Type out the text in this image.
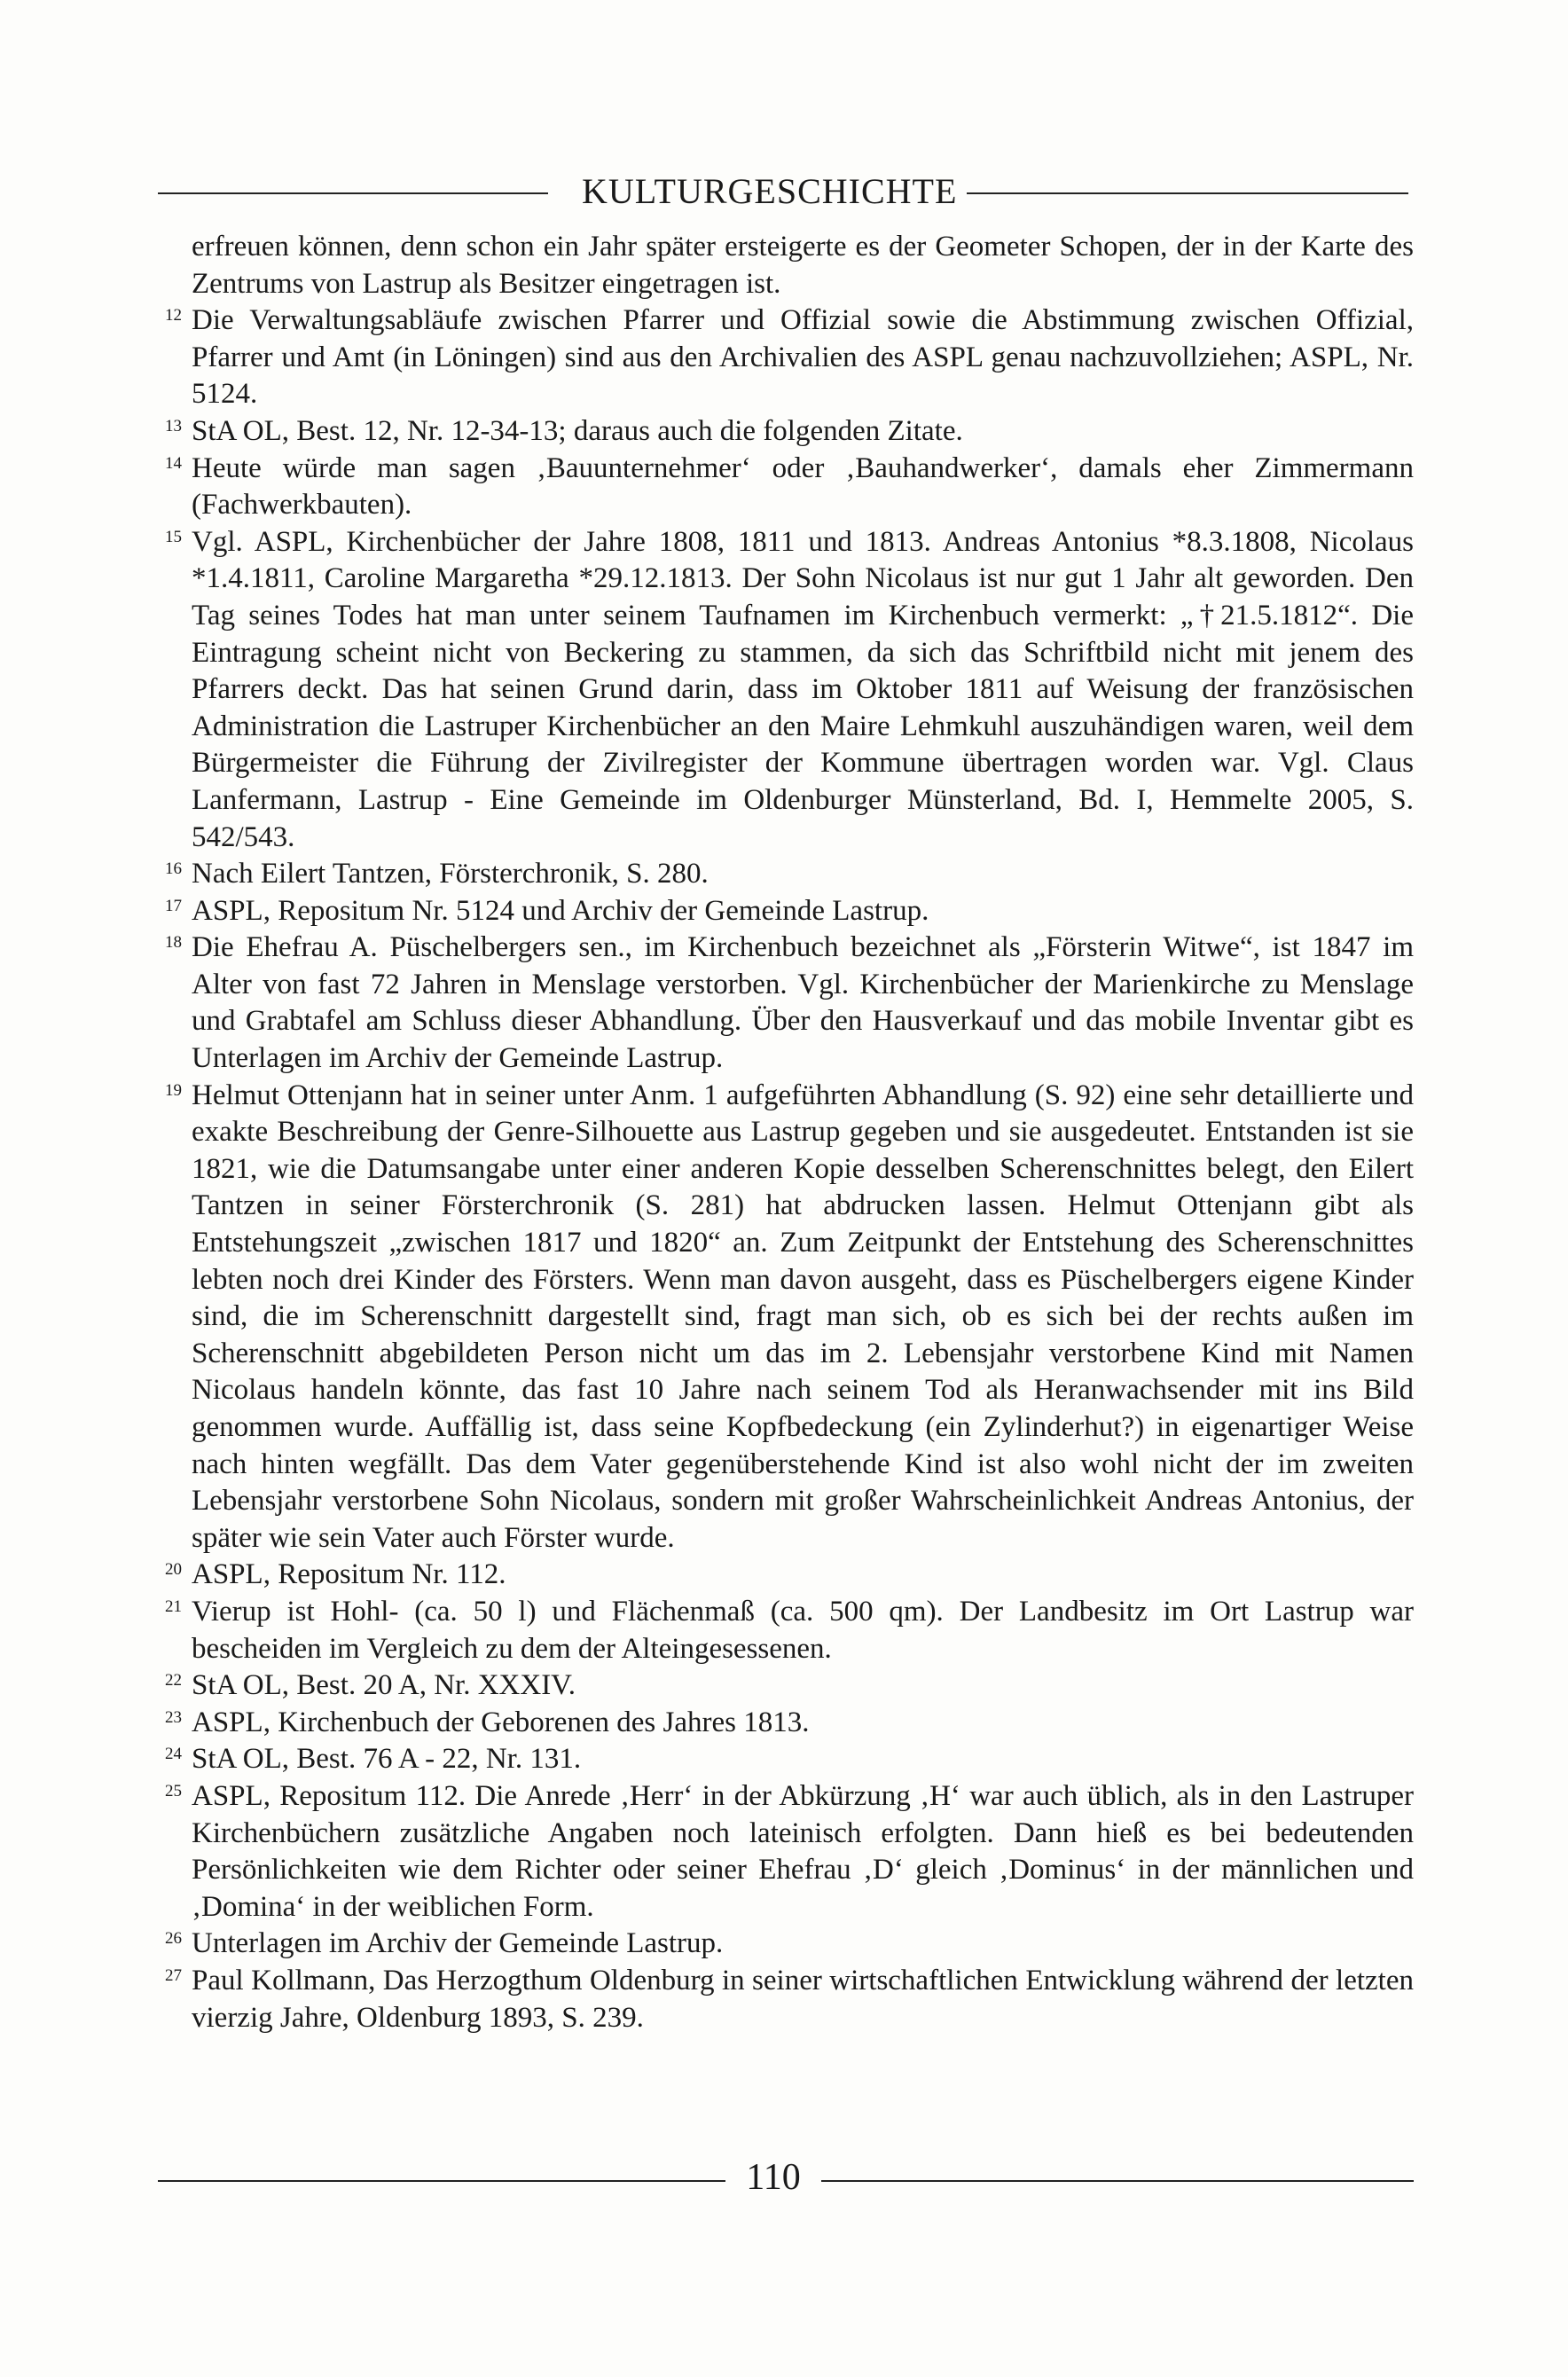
KULTURGESCHICHTE
erfreuen können, denn schon ein Jahr später ersteigerte es der Geometer Schopen, der in der Karte des Zentrums von Lastrup als Besitzer eingetragen ist.
12 Die Verwaltungsabläufe zwischen Pfarrer und Offizial sowie die Abstimmung zwischen Offizial, Pfarrer und Amt (in Löningen) sind aus den Archivalien des ASPL genau nachzuvollziehen; ASPL, Nr. 5124.
13 StA OL, Best. 12, Nr. 12-34-13; daraus auch die folgenden Zitate.
14 Heute würde man sagen ‚Bauunternehmer‘ oder ‚Bauhandwerker‘, damals eher Zimmermann (Fachwerkbauten).
15 Vgl. ASPL, Kirchenbücher der Jahre 1808, 1811 und 1813. Andreas Antonius *8.3.1808, Nicolaus *1.4.1811, Caroline Margaretha *29.12.1813. Der Sohn Nicolaus ist nur gut 1 Jahr alt geworden. Den Tag seines Todes hat man unter seinem Taufnamen im Kirchenbuch vermerkt: „†21.5.1812“. Die Eintragung scheint nicht von Beckering zu stammen, da sich das Schriftbild nicht mit jenem des Pfarrers deckt. Das hat seinen Grund darin, dass im Oktober 1811 auf Weisung der französischen Administration die Lastruper Kirchenbücher an den Maire Lehmkuhl auszuhändigen waren, weil dem Bürgermeister die Führung der Zivilregister der Kommune übertragen worden war. Vgl. Claus Lanfermann, Lastrup - Eine Gemeinde im Oldenburger Münsterland, Bd. I, Hemmelte 2005, S. 542/543.
16 Nach Eilert Tantzen, Försterchronik, S. 280.
17 ASPL, Repositum Nr. 5124 und Archiv der Gemeinde Lastrup.
18 Die Ehefrau A. Püschelbergers sen., im Kirchenbuch bezeichnet als „Försterin Witwe“, ist 1847 im Alter von fast 72 Jahren in Menslage verstorben. Vgl. Kirchenbücher der Marienkirche zu Menslage und Grabtafel am Schluss dieser Abhandlung. Über den Hausverkauf und das mobile Inventar gibt es Unterlagen im Archiv der Gemeinde Lastrup.
19 Helmut Ottenjann hat in seiner unter Anm. 1 aufgeführten Abhandlung (S. 92) eine sehr detaillierte und exakte Beschreibung der Genre-Silhouette aus Lastrup gegeben und sie ausgedeutet. Entstanden ist sie 1821, wie die Datumsangabe unter einer anderen Kopie desselben Scherenschnittes belegt, den Eilert Tantzen in seiner Försterchronik (S. 281) hat abdrucken lassen. Helmut Ottenjann gibt als Entstehungszeit „zwischen 1817 und 1820“ an. Zum Zeitpunkt der Entstehung des Scherenschnittes lebten noch drei Kinder des Försters. Wenn man davon ausgeht, dass es Püschelbergers eigene Kinder sind, die im Scherenschnitt dargestellt sind, fragt man sich, ob es sich bei der rechts außen im Scherenschnitt abgebildeten Person nicht um das im 2. Lebensjahr verstorbene Kind mit Namen Nicolaus handeln könnte, das fast 10 Jahre nach seinem Tod als Heranwachsender mit ins Bild genommen wurde. Auffällig ist, dass seine Kopfbedeckung (ein Zylinderhut?) in eigenartiger Weise nach hinten wegfällt. Das dem Vater gegenüberstehende Kind ist also wohl nicht der im zweiten Lebensjahr verstorbene Sohn Nicolaus, sondern mit großer Wahrscheinlichkeit Andreas Antonius, der später wie sein Vater auch Förster wurde.
20 ASPL, Repositum Nr. 112.
21 Vierup ist Hohl- (ca. 50 l) und Flächenmaß (ca. 500 qm). Der Landbesitz im Ort Lastrup war bescheiden im Vergleich zu dem der Alteingesessenen.
22 StA OL, Best. 20 A, Nr. XXXIV.
23 ASPL, Kirchenbuch der Geborenen des Jahres 1813.
24 StA OL, Best. 76 A - 22, Nr. 131.
25 ASPL, Repositum 112. Die Anrede ‚Herr‘ in der Abkürzung ‚H‘ war auch üblich, als in den Lastruper Kirchenbüchern zusätzliche Angaben noch lateinisch erfolgten. Dann hieß es bei bedeutenden Persönlichkeiten wie dem Richter oder seiner Ehefrau ‚D‘ gleich ‚Dominus‘ in der männlichen und ‚Domina‘ in der weiblichen Form.
26 Unterlagen im Archiv der Gemeinde Lastrup.
27 Paul Kollmann, Das Herzogthum Oldenburg in seiner wirtschaftlichen Entwicklung während der letzten vierzig Jahre, Oldenburg 1893, S. 239.
110
